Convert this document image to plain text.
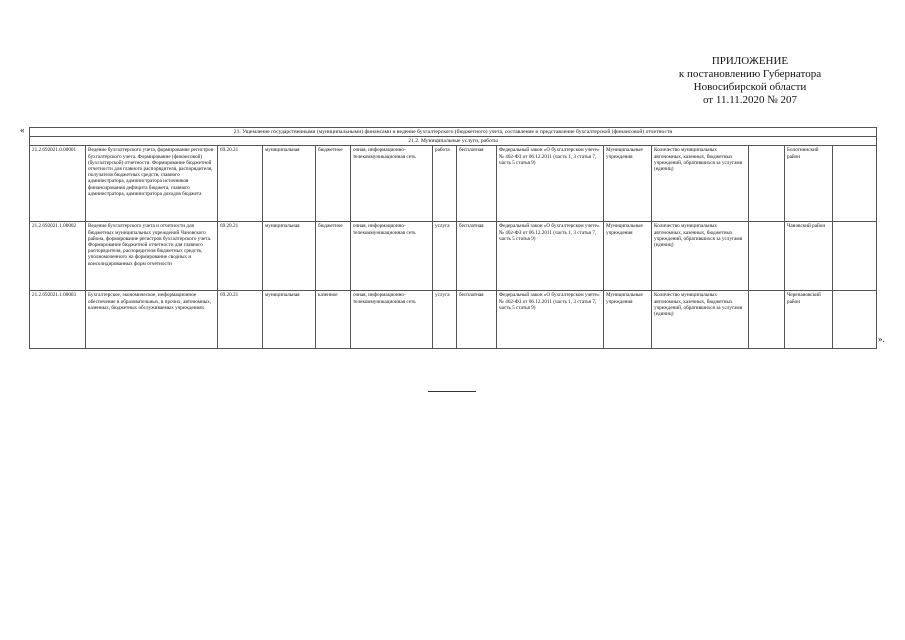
ПРИЛОЖЕНИЕ
к постановлению Губернатора
Новосибирской области
от 11.11.2020 № 207
«	21. Ущемление государственными (муниципальными) финансами и ведение бухгалтерского (бюджетного) учета, составление и представление бухгалтерской (финансовой) отчетности													
21.2. Муниципальные услуги, работы													
21.2.692021.0.00001	Ведение бухгалтерского учета, формирование регистров бухгалтерского учета. Формирование (финансовой) (бухгалтерской) отчетности. Формирование бюджетной отчетности для главного распорядителя, распорядителя, получателя бюджетных средств, главного администратора, администратора источников финансирования дефицита бюджета, главного администратора, администратора доходов бюджета	69.20.21	муниципальная	бюджетное	очная, информационно-телекоммуникационная сеть	работа	бесплатная	Федеральный закон «О бухгалтерском учете» № 402-ФЗ от 06.12.2011 (часть 1, 3 статья 7, часть 5 статья 9)	Муниципальные учреждения	Количество муниципальных автономных, казенных, бюджетных учреждений, обратившихся за услугами (единиц)		Болотнинский район	
21.2.692021.1.00002	Ведение бухгалтерского учета и отчетности для бюджетных муниципальных учреждений Чановского района, формирование регистров бухгалтерского учета. Формирование бюджетной отчетности для главного распорядителя, распорядителя бюджетных средств, уполномоченного на формирование сводных и консолидированных форм отчетности	69.20.21	муниципальная	бюджетное	очная, информационно-телекоммуникационная сеть	услуга	бесплатная	Федеральный закон «О бухгалтерском учете» № 402-ФЗ от 06.12.2011 (часть 1, 3 статья 7, часть 5 статья 9)	Муниципальные учреждения	Количество муниципальных автономных, казенных, бюджетных учреждений, обратившихся за услугами (единиц)		Чановский район	
21.2.692021.1.00003	Бухгалтерское, экономическое, информационное обеспечение в образовательных, в прочих, автономных, казенных, бюджетных обслуживаемых учреждениях	69.20.21	муниципальная	казенное	очная, информационно-телекоммуникационная сеть	услуга	бесплатная	Федеральный закон «О бухгалтерском учете» № 402-ФЗ от 06.12.2011 (часть 1, 3 статья 7, часть 5 статья 9)	Муниципальные учреждения	Количество муниципальных автономных, казенных, бюджетных учреждений, обратившихся за услугами (единиц)		Черепановский район	
».
